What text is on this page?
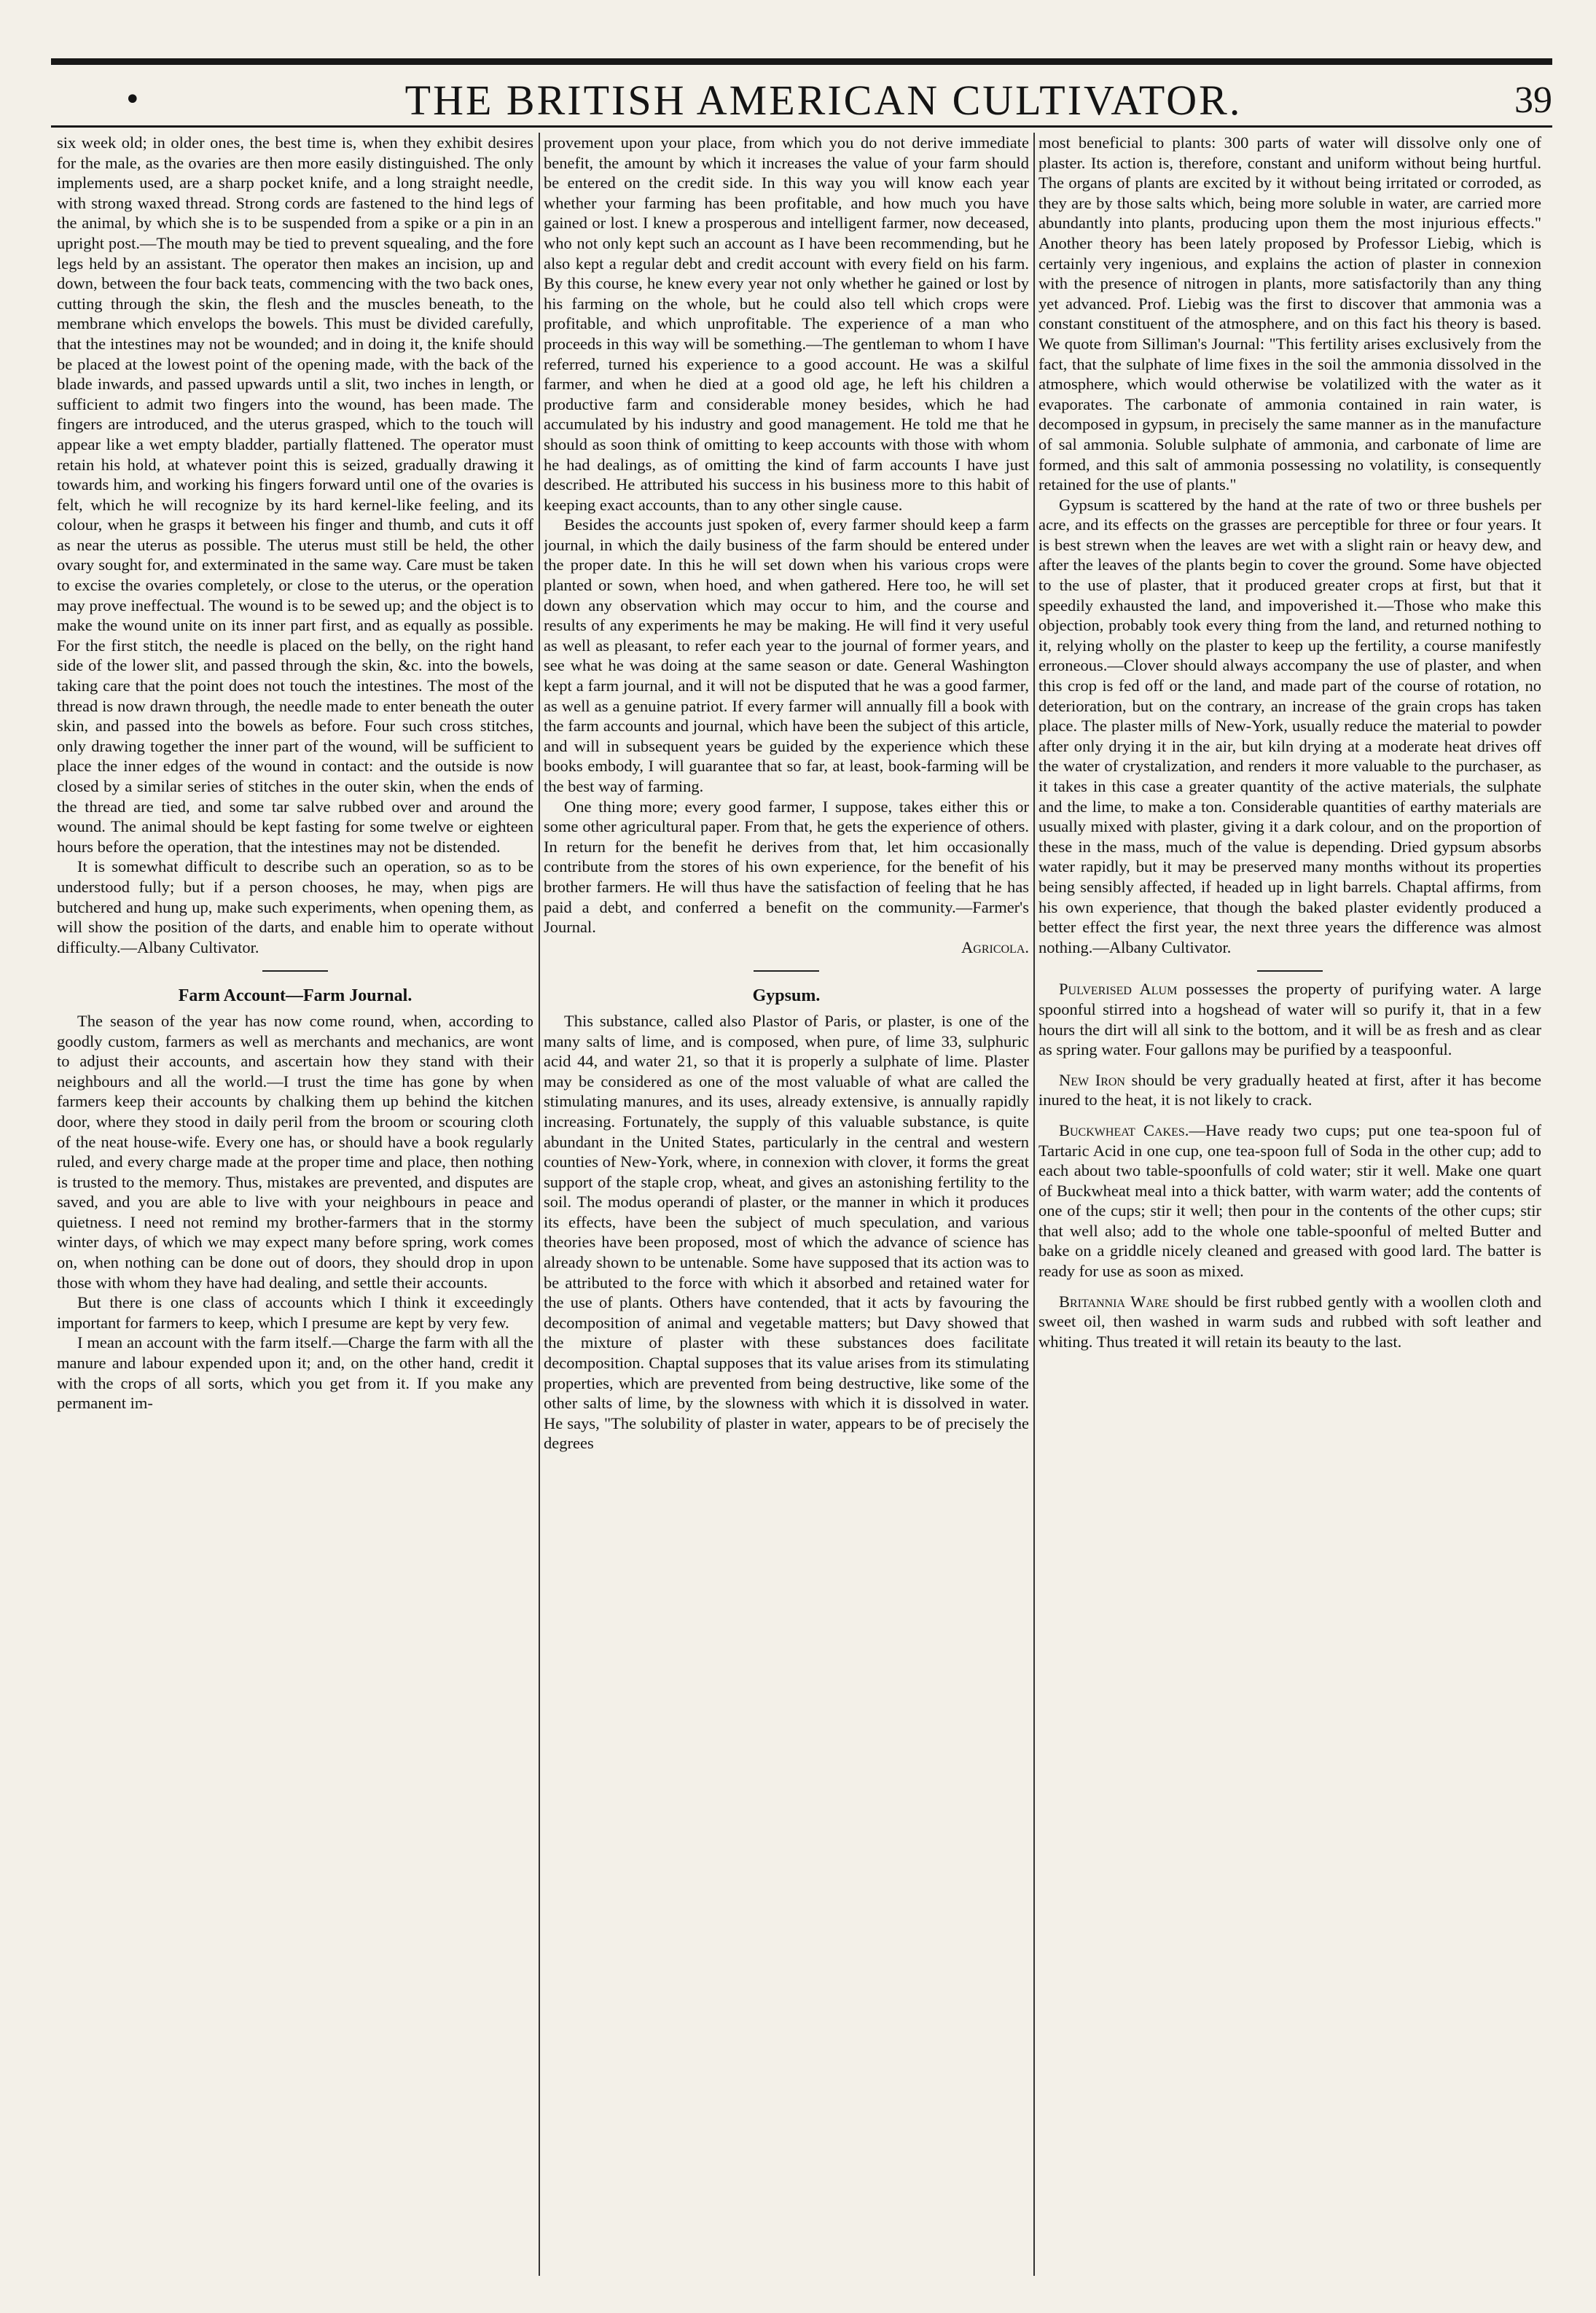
•	THE BRITISH AMERICAN CULTIVATOR.	39

six week old; in older ones, the best time is, when they exhibit desires for the male, as the ovaries are then more easily distinguished. The only implements used, are a sharp pocket knife, and a long straight needle, with strong waxed thread. Strong cords are fastened to the hind legs of the animal, by which she is to be suspended from a spike or a pin in an upright post.—The mouth may be tied to prevent squealing, and the fore legs held by an assistant. The operator then makes an incision, up and down, between the four back teats, commencing with the two back ones, cutting through the skin, the flesh and the muscles beneath, to the membrane which envelops the bowels. This must be divided carefully, that the intestines may not be wounded; and in doing it, the knife should be placed at the lowest point of the opening made, with the back of the blade inwards, and passed upwards until a slit, two inches in length, or sufficient to admit two fingers into the wound, has been made. The fingers are introduced, and the uterus grasped, which to the touch will appear like a wet empty bladder, partially flattened. The operator must retain his hold, at whatever point this is seized, gradually drawing it towards him, and working his fingers forward until one of the ovaries is felt, which he will recognize by its hard kernel-like feeling, and its colour, when he grasps it between his finger and thumb, and cuts it off as near the uterus as possible. The uterus must still be held, the other ovary sought for, and exterminated in the same way. Care must be taken to excise the ovaries completely, or close to the uterus, or the operation may prove ineffectual. The wound is to be sewed up; and the object is to make the wound unite on its inner part first, and as equally as possible. For the first stitch, the needle is placed on the belly, on the right hand side of the lower slit, and passed through the skin, &c. into the bowels, taking care that the point does not touch the intestines. The most of the thread is now drawn through, the needle made to enter beneath the outer skin, and passed into the bowels as before. Four such cross stitches, only drawing together the inner part of the wound, will be sufficient to place the inner edges of the wound in contact: and the outside is now closed by a similar series of stitches in the outer skin, when the ends of the thread are tied, and some tar salve rubbed over and around the wound. The animal should be kept fasting for some twelve or eighteen hours before the operation, that the intestines may not be distended.

It is somewhat difficult to describe such an operation, so as to be understood fully; but if a person chooses, he may, when pigs are butchered and hung up, make such experiments, when opening them, as will show the position of the darts, and enable him to operate without difficulty.—Albany Cultivator.

Farm Account—Farm Journal.

The season of the year has now come round, when, according to goodly custom, farmers as well as merchants and mechanics, are wont to adjust their accounts, and ascertain how they stand with their neighbours and all the world.—I trust the time has gone by when farmers keep their accounts by chalking them up behind the kitchen door, where they stood in daily peril from the broom or scouring cloth of the neat house-wife. Every one has, or should have a book regularly ruled, and every charge made at the proper time and place, then nothing is trusted to the memory. Thus, mistakes are prevented, and disputes are saved, and you are able to live with your neighbours in peace and quietness. I need not remind my brother-farmers that in the stormy winter days, of which we may expect many before spring, work comes on, when nothing can be done out of doors, they should drop in upon those with whom they have had dealing, and settle their accounts.

But there is one class of accounts which I think it exceedingly important for farmers to keep, which I presume are kept by very few.

I mean an account with the farm itself.—Charge the farm with all the manure and labour expended upon it; and, on the other hand, credit it with the crops of all sorts, which you get from it. If you make any permanent im-

provement upon your place, from which you do not derive immediate benefit, the amount by which it increases the value of your farm should be entered on the credit side. In this way you will know each year whether your farming has been profitable, and how much you have gained or lost. I knew a prosperous and intelligent farmer, now deceased, who not only kept such an account as I have been recommending, but he also kept a regular debt and credit account with every field on his farm. By this course, he knew every year not only whether he gained or lost by his farming on the whole, but he could also tell which crops were profitable, and which unprofitable. The experience of a man who proceeds in this way will be something.—The gentleman to whom I have referred, turned his experience to a good account. He was a skilful farmer, and when he died at a good old age, he left his children a productive farm and considerable money besides, which he had accumulated by his industry and good management. He told me that he should as soon think of omitting to keep accounts with those with whom he had dealings, as of omitting the kind of farm accounts I have just described. He attributed his success in his business more to this habit of keeping exact accounts, than to any other single cause.

Besides the accounts just spoken of, every farmer should keep a farm journal, in which the daily business of the farm should be entered under the proper date. In this he will set down when his various crops were planted or sown, when hoed, and when gathered. Here too, he will set down any observation which may occur to him, and the course and results of any experiments he may be making. He will find it very useful as well as pleasant, to refer each year to the journal of former years, and see what he was doing at the same season or date. General Washington kept a farm journal, and it will not be disputed that he was a good farmer, as well as a genuine patriot. If every farmer will annually fill a book with the farm accounts and journal, which have been the subject of this article, and will in subsequent years be guided by the experience which these books embody, I will guarantee that so far, at least, book-farming will be the best way of farming.

One thing more; every good farmer, I suppose, takes either this or some other agricultural paper. From that, he gets the experience of others. In return for the benefit he derives from that, let him occasionally contribute from the stores of his own experience, for the benefit of his brother farmers. He will thus have the satisfaction of feeling that he has paid a debt, and conferred a benefit on the community.—Farmer's Journal.

Agricola.

Gypsum.

This substance, called also Plastor of Paris, or plaster, is one of the many salts of lime, and is composed, when pure, of lime 33, sulphuric acid 44, and water 21, so that it is properly a sulphate of lime. Plaster may be considered as one of the most valuable of what are called the stimulating manures, and its uses, already extensive, is annually rapidly increasing. Fortunately, the supply of this valuable substance, is quite abundant in the United States, particularly in the central and western counties of New-York, where, in connexion with clover, it forms the great support of the staple crop, wheat, and gives an astonishing fertility to the soil. The modus operandi of plaster, or the manner in which it produces its effects, have been the subject of much speculation, and various theories have been proposed, most of which the advance of science has already shown to be untenable. Some have supposed that its action was to be attributed to the force with which it absorbed and retained water for the use of plants. Others have contended, that it acts by favouring the decomposition of animal and vegetable matters; but Davy showed that the mixture of plaster with these substances does facilitate decomposition. Chaptal supposes that its value arises from its stimulating properties, which are prevented from being destructive, like some of the other salts of lime, by the slowness with which it is dissolved in water. He says, "The solubility of plaster in water, appears to be of precisely the degrees

most beneficial to plants: 300 parts of water will dissolve only one of plaster. Its action is, therefore, constant and uniform without being hurtful. The organs of plants are excited by it without being irritated or corroded, as they are by those salts which, being more soluble in water, are carried more abundantly into plants, producing upon them the most injurious effects." Another theory has been lately proposed by Professor Liebig, which is certainly very ingenious, and explains the action of plaster in connexion with the presence of nitrogen in plants, more satisfactorily than any thing yet advanced. Prof. Liebig was the first to discover that ammonia was a constant constituent of the atmosphere, and on this fact his theory is based. We quote from Silliman's Journal: "This fertility arises exclusively from the fact, that the sulphate of lime fixes in the soil the ammonia dissolved in the atmosphere, which would otherwise be volatilized with the water as it evaporates. The carbonate of ammonia contained in rain water, is decomposed in gypsum, in precisely the same manner as in the manufacture of sal ammonia. Soluble sulphate of ammonia, and carbonate of lime are formed, and this salt of ammonia possessing no volatility, is consequently retained for the use of plants."

Gypsum is scattered by the hand at the rate of two or three bushels per acre, and its effects on the grasses are perceptible for three or four years. It is best strewn when the leaves are wet with a slight rain or heavy dew, and after the leaves of the plants begin to cover the ground. Some have objected to the use of plaster, that it produced greater crops at first, but that it speedily exhausted the land, and impoverished it.—Those who make this objection, probably took every thing from the land, and returned nothing to it, relying wholly on the plaster to keep up the fertility, a course manifestly erroneous.—Clover should always accompany the use of plaster, and when this crop is fed off or the land, and made part of the course of rotation, no deterioration, but on the contrary, an increase of the grain crops has taken place. The plaster mills of New-York, usually reduce the material to powder after only drying it in the air, but kiln drying at a moderate heat drives off the water of crystalization, and renders it more valuable to the purchaser, as it takes in this case a greater quantity of the active materials, the sulphate and the lime, to make a ton. Considerable quantities of earthy materials are usually mixed with plaster, giving it a dark colour, and on the proportion of these in the mass, much of the value is depending. Dried gypsum absorbs water rapidly, but it may be preserved many months without its properties being sensibly affected, if headed up in light barrels. Chaptal affirms, from his own experience, that though the baked plaster evidently produced a better effect the first year, the next three years the difference was almost nothing.—Albany Cultivator.

Pulverised Alum possesses the property of purifying water. A large spoonful stirred into a hogshead of water will so purify it, that in a few hours the dirt will all sink to the bottom, and it will be as fresh and as clear as spring water. Four gallons may be purified by a teaspoonful.

New Iron should be very gradually heated at first, after it has become inured to the heat, it is not likely to crack.

Buckwheat Cakes.—Have ready two cups; put one tea-spoon ful of Tartaric Acid in one cup, one tea-spoon full of Soda in the other cup; add to each about two table-spoonfulls of cold water; stir it well. Make one quart of Buckwheat meal into a thick batter, with warm water; add the contents of one of the cups; stir it well; then pour in the contents of the other cups; stir that well also; add to the whole one table-spoonful of melted Butter and bake on a griddle nicely cleaned and greased with good lard. The batter is ready for use as soon as mixed.

Britannia Ware should be first rubbed gently with a woollen cloth and sweet oil, then washed in warm suds and rubbed with soft leather and whiting. Thus treated it will retain its beauty to the last.
